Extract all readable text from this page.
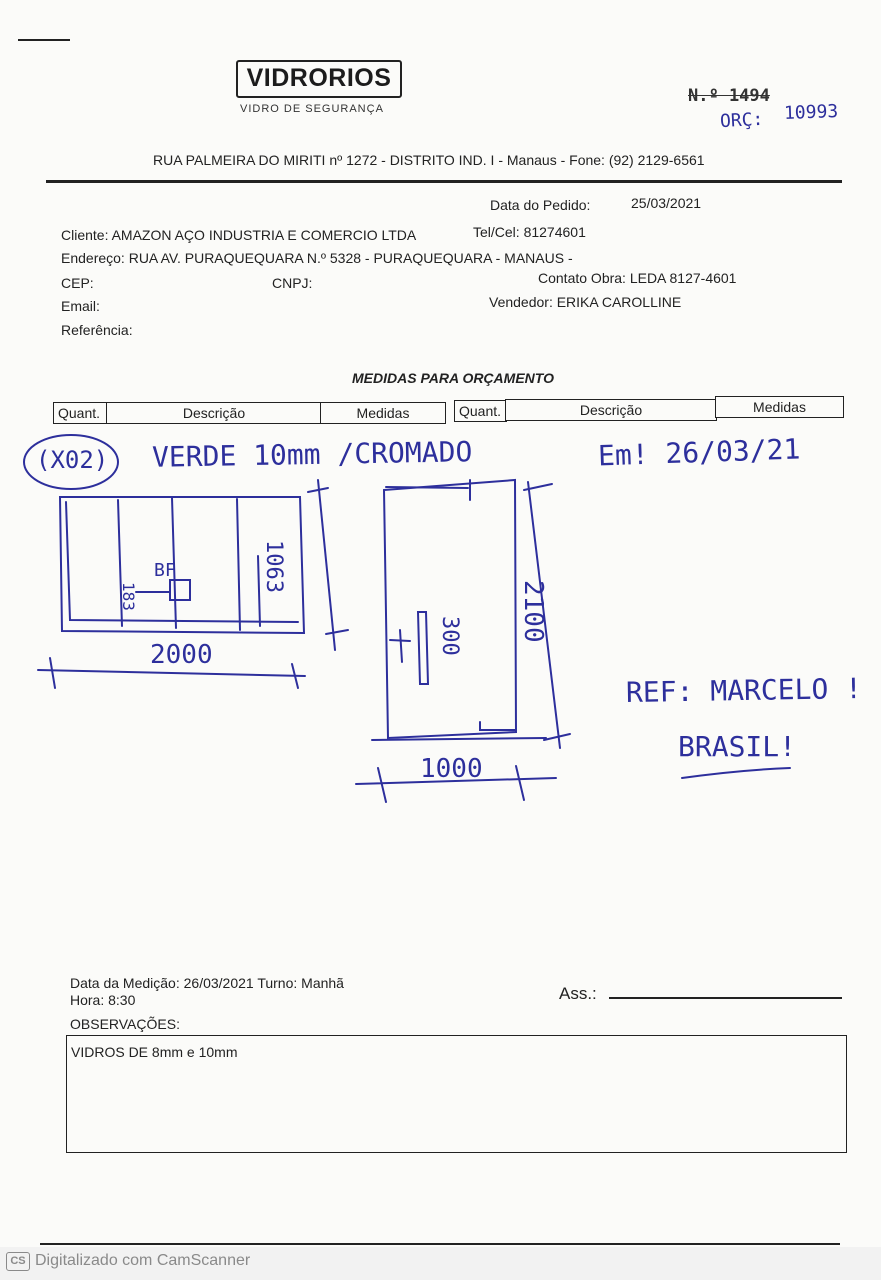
VIDRORIOS
VIDRO DE SEGURANÇA
N.º 1494
ORÇ: 10993
RUA PALMEIRA DO MIRITI nº 1272 - DISTRITO IND. I - Manaus - Fone: (92) 2129-6561
Data do Pedido:	25/03/2021
Cliente: AMAZON AÇO INDUSTRIA E COMERCIO LTDA	Tel/Cel: 81274601
Endereço: RUA AV. PURAQUEQUARA N.º 5328 - PURAQUEQUARA - MANAUS -
CEP:	CNPJ:	Contato Obra: LEDA 8127-4601
Email:	Vendedor: ERIKA CAROLLINE
Referência:
MEDIDAS PARA ORÇAMENTO
Quant.	Descrição	Medidas	Quant.	Descrição	Medidas
(X02) VERDE 10mm /CROMADO	Em! 26/03/21
2000
1063
183
BF
2100
300
1000
REF: MARCELO !
BRASIL!
Data da Medição: 26/03/2021 Turno: Manhã
Hora: 8:30	Ass.:
OBSERVAÇÕES:
VIDROS DE 8mm e 10mm
CS Digitalizado com CamScanner
